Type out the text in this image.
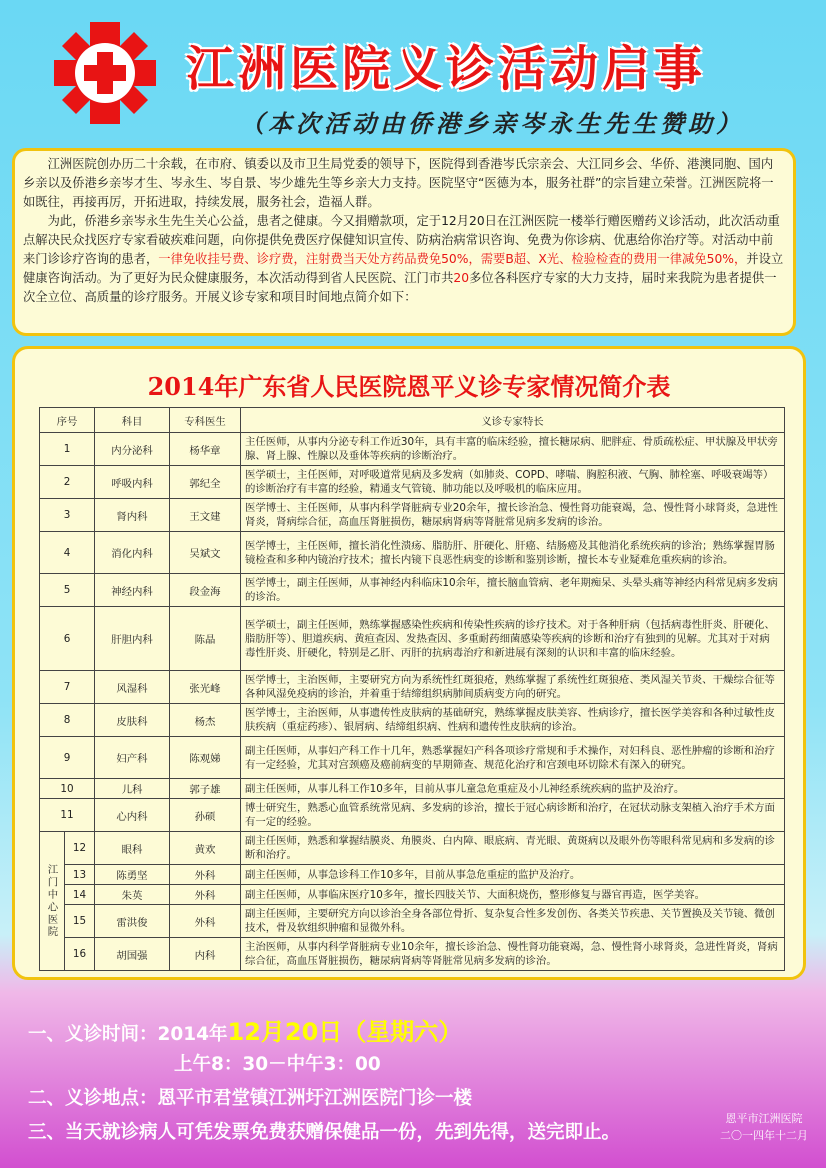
江洲医院义诊活动启事
（本次活动由侨港乡亲岑永生先生赞助）

江洲医院创办历二十余载，在市府、镇委以及市卫生局党委的领导下，医院得到香港岑氏宗亲会、大江同乡会、华侨、港澳同胞、国内乡亲以及侨港乡亲岑才生、岑永生、岑自景、岑少雄先生等乡亲大力支持。医院坚守“医德为本，服务社群”的宗旨建立荣誉。江洲医院将一如既往，再接再厉，开拓进取，持续发展，服务社会，造福人群。

为此，侨港乡亲岑永生先生关心公益，患者之健康。今又捐赠款项，定于12月20日在江洲医院一楼举行赠医赠药义诊活动，此次活动重点解决民众找医疗专家看破疾难问题，向你提供免费医疗保健知识宣传、防病治病常识咨询、免费为你诊病、优惠给你治疗等。对活动中前来门诊诊疗咨询的患者，一律免收挂号费、诊疗费，注射费当天处方药品费免50%，需要B超、X光、检验检查的费用一律减免50%，并设立健康咨询活动。为了更好为民众健康服务，本次活动得到省人民医院、江门市共20多位各科医疗专家的大力支持，届时来我院为患者提供一次全立位、高质量的诊疗服务。开展义诊专家和项目时间地点简介如下：

2014年广东省人民医院恩平义诊专家情况简介表
序号		科目	专科医生	义诊专家特长
1		内分泌科	杨华章	主任医师，从事内分泌专科工作近30年，具有丰富的临床经验，擅长糖尿病、肥胖症、骨质疏松症、甲状腺及甲状旁腺、肾上腺、性腺以及垂体等疾病的诊断治疗。
2		呼吸内科	郭纪全	医学硕士，主任医师，对呼吸道常见病及多发病（如肺炎、COPD、哮喘、胸腔积液、气胸、肺栓塞、呼吸衰竭等）的诊断治疗有丰富的经验，精通支气管镜、肺功能以及呼吸机的临床应用。
3		肾内科	王文建	医学博士、主任医师，从事内科学肾脏病专业20余年，擅长诊治急、慢性肾功能衰竭，急、慢性肾小球肾炎，急进性肾炎，肾病综合征，高血压肾脏损伤，糖尿病肾病等肾脏常见病多发病的诊治。
4		消化内科	吴斌文	医学博士，主任医师，擅长消化性溃疡、脂肪肝、肝硬化、肝癌、结肠癌及其他消化系统疾病的诊治；熟练掌握胃肠镜检查和多种内镜治疗技术；擅长内镜下良恶性病变的诊断和鉴别诊断，擅长本专业疑难危重疾病的诊治。
5		神经内科	段金海	医学博士，副主任医师，从事神经内科临床10余年，擅长脑血管病、老年期痴呆、头晕头痛等神经内科常见病多发病的诊治。
6		肝胆内科	陈晶	医学硕士，副主任医师，熟练掌握感染性疾病和传染性疾病的诊疗技术。对于各种肝病（包括病毒性肝炎、肝硬化、脂肪肝等）、胆道疾病、黄疸查因、发热查因、多重耐药细菌感染等疾病的诊断和治疗有独到的见解。尤其对于对病毒性肝炎、肝硬化，特别是乙肝、丙肝的抗病毒治疗和新进展有深刻的认识和丰富的临床经验。
7		风湿科	张光峰	医学博士，主治医师，主要研究方向为系统性红斑狼疮，熟练掌握了系统性红斑狼疮、类风湿关节炎、干燥综合征等各种风湿免疫病的诊治，并着重于结缔组织病肺间质病变方向的研究。
8		皮肤科	杨杰	医学博士，主治医师，从事遗传性皮肤病的基础研究，熟练掌握皮肤美容、性病诊疗，擅长医学美容和各种过敏性皮肤疾病（重症药疹）、银屑病、结缔组织病、性病和遗传性皮肤病的诊治。
9		妇产科	陈观娣	副主任医师，从事妇产科工作十几年，熟悉掌握妇产科各项诊疗常规和手术操作，对妇科良、恶性肿瘤的诊断和治疗有一定经验，尤其对宫颈癌及癌前病变的早期筛查、规范化治疗和宫颈电环切除术有深入的研究。
10		儿科	郭子雄	副主任医师，从事儿科工作10多年，目前从事儿童急危重症及小儿神经系统疾病的监护及治疗。
11		心内科	孙硕	博士研究生，熟悉心血管系统常见病、多发病的诊治，擅长于冠心病诊断和治疗，在冠状动脉支架植入治疗手术方面有一定的经验。
江门中心医院	12	眼科	黄欢	副主任医师，熟悉和掌握结膜炎、角膜炎、白内障、眼底病、青光眼、黄斑病以及眼外伤等眼科常见病和多发病的诊断和治疗。
	13	陈勇坚	外科	副主任医师，从事急诊科工作10多年，目前从事急危重症的监护及治疗。
	14	朱英	外科	副主任医师，从事临床医疗10多年，擅长四肢关节、大面积烧伤，整形修复与器官再造，医学美容。
	15	雷洪俊	外科	副主任医师，主要研究方向以诊治全身各部位骨折、复杂复合性多发创伤、各类关节疾患、关节置换及关节镜、微创技术，骨及软组织肿瘤和显微外科。
	16	胡国强	内科	主治医师，从事内科学肾脏病专业10余年，擅长诊治急、慢性肾功能衰竭，急、慢性肾小球肾炎，急进性肾炎，肾病综合征，高血压肾脏损伤，糖尿病肾病等肾脏常见病多发病的诊治。
一、义诊时间：2014年12月20日（星期六）
上午8：30－中午3：00
二、义诊地点：恩平市君堂镇江洲圩江洲医院门诊一楼
三、当天就诊病人可凭发票免费获赠保健品一份，先到先得，送完即止。
恩平市江洲医院
二〇一四年十二月
